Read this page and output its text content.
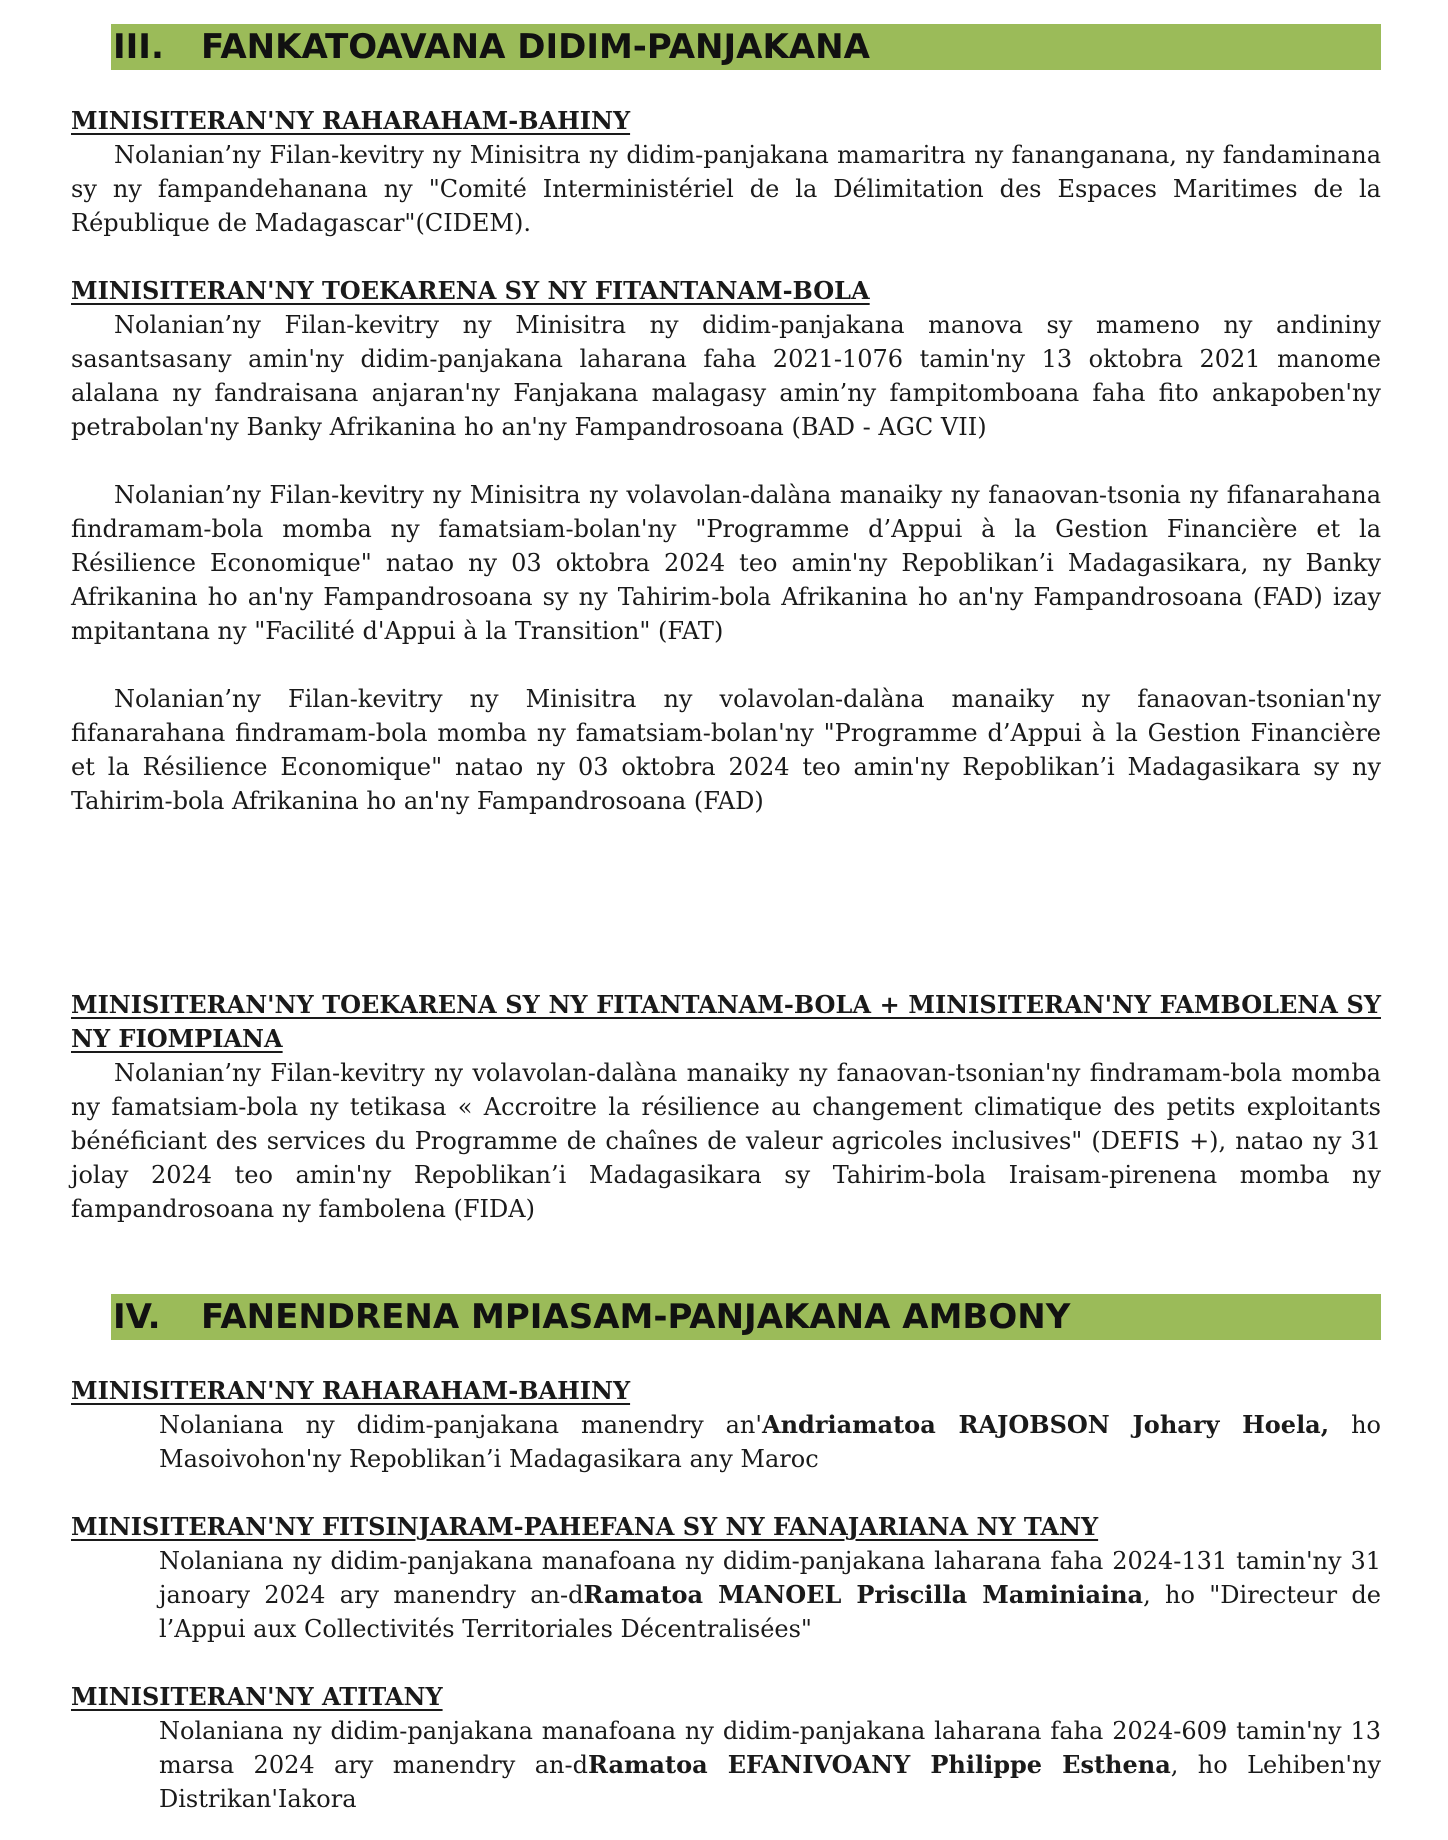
III. FANKATOAVANA DIDIM-PANJAKANA

MINISITERAN'NY RAHARAHAM-BAHINY

Nolanian’ny Filan-kevitry ny Minisitra ny didim-panjakana mamaritra ny fananganana, ny fandaminana sy ny fampandehanana ny "Comité Interministériel de la Délimitation des Espaces Maritimes de la République de Madagascar"(CIDEM).

MINISITERAN'NY TOEKARENA SY NY FITANTANAM-BOLA

Nolanian’ny Filan-kevitry ny Minisitra ny didim-panjakana manova sy mameno ny andininy sasantsasany amin'ny didim-panjakana laharana faha 2021-1076 tamin'ny 13 oktobra 2021 manome alalana ny fandraisana anjaran'ny Fanjakana malagasy amin’ny fampitomboana faha fito ankapoben'ny petrabolan'ny Banky Afrikanina ho an'ny Fampandrosoana (BAD - AGC VII)

Nolanian’ny Filan-kevitry ny Minisitra ny volavolan-dalàna manaiky ny fanaovan-tsonia ny fifanarahana findramam-bola momba ny famatsiam-bolan'ny "Programme d’Appui à la Gestion Financière et la Résilience Economique" natao ny 03 oktobra 2024 teo amin'ny Repoblikan’i Madagasikara, ny Banky Afrikanina ho an'ny Fampandrosoana sy ny Tahirim-bola Afrikanina ho an'ny Fampandrosoana (FAD) izay mpitantana ny "Facilité d'Appui à la Transition" (FAT)

Nolanian’ny Filan-kevitry ny Minisitra ny volavolan-dalàna manaiky ny fanaovan-tsonian'ny fifanarahana findramam-bola momba ny famatsiam-bolan'ny "Programme d’Appui à la Gestion Financière et la Résilience Economique" natao ny 03 oktobra 2024 teo amin'ny Repoblikan’i Madagasikara sy ny Tahirim-bola Afrikanina ho an'ny Fampandrosoana (FAD)

MINISITERAN'NY TOEKARENA SY NY FITANTANAM-BOLA + MINISITERAN'NY FAMBOLENA SY NY FIOMPIANA

Nolanian’ny Filan-kevitry ny volavolan-dalàna manaiky ny fanaovan-tsonian'ny findramam-bola momba ny famatsiam-bola ny tetikasa « Accroitre la résilience au changement climatique des petits exploitants bénéficiant des services du Programme de chaînes de valeur agricoles inclusives" (DEFIS +), natao ny 31 jolay 2024 teo amin'ny Repoblikan’i Madagasikara sy Tahirim-bola Iraisam-pirenena momba ny fampandrosoana ny fambolena (FIDA)

IV. FANENDRENA MPIASAM-PANJAKANA AMBONY

MINISITERAN'NY RAHARAHAM-BAHINY

Nolaniana ny didim-panjakana manendry an'Andriamatoa RAJOBSON Johary Hoela, ho Masoivohon'ny Repoblikan’i Madagasikara any Maroc

MINISITERAN'NY FITSINJARAM-PAHEFANA SY NY FANAJARIANA NY TANY

Nolaniana ny didim-panjakana manafoana ny didim-panjakana laharana faha 2024-131 tamin'ny 31 janoary 2024 ary manendry an-dRamatoa MANOEL Priscilla Maminiaina, ho "Directeur de l’Appui aux Collectivités Territoriales Décentralisées"

MINISITERAN'NY ATITANY

Nolaniana ny didim-panjakana manafoana ny didim-panjakana laharana faha 2024-609 tamin'ny 13 marsa 2024 ary manendry an-dRamatoa EFANIVOANY Philippe Esthena, ho Lehiben'ny Distrikan'Iakora
